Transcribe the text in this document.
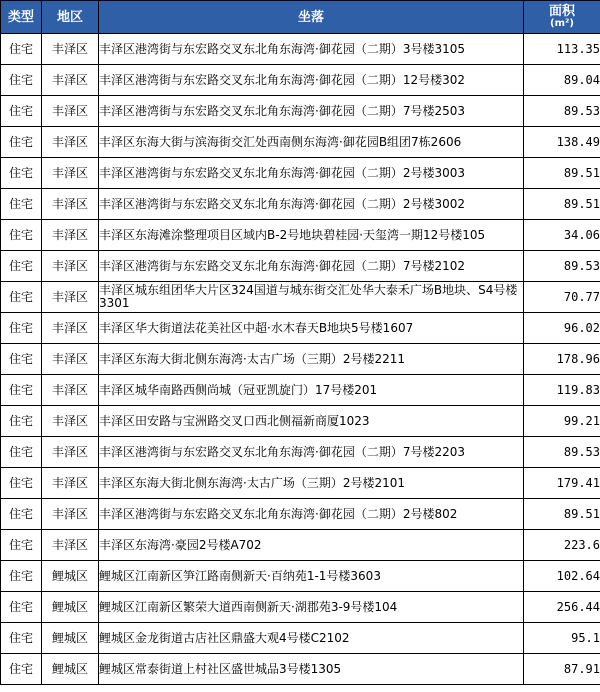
类型	地区	坐落	面积
(m²)

住宅	丰泽区	丰泽区港湾街与东宏路交叉东北角东海湾·御花园（二期）3号楼3105	113.35
住宅	丰泽区	丰泽区港湾街与东宏路交叉东北角东海湾·御花园（二期）12号楼302	89.04
住宅	丰泽区	丰泽区港湾街与东宏路交叉东北角东海湾·御花园（二期）7号楼2503	89.53
住宅	丰泽区	丰泽区东海大街与滨海街交汇处西南侧东海湾·御花园B组团7栋2606	138.49
住宅	丰泽区	丰泽区港湾街与东宏路交叉东北角东海湾·御花园（二期）2号楼3003	89.51
住宅	丰泽区	丰泽区港湾街与东宏路交叉东北角东海湾·御花园（二期）2号楼3002	89.51
住宅	丰泽区	丰泽区东海滩涂整理项目区域内B-2号地块碧桂园·天玺湾一期12号楼105	34.06
住宅	丰泽区	丰泽区港湾街与东宏路交叉东北角东海湾·御花园（二期）7号楼2102	89.53
住宅	丰泽区	丰泽区城东组团华大片区324国道与城东街交汇处华大泰禾广场B地块、S4号楼3301	70.77
住宅	丰泽区	丰泽区华大街道法花美社区中超·水木春天B地块5号楼1607	96.02
住宅	丰泽区	丰泽区东海大街北侧东海湾·太古广场（三期）2号楼2211	178.96
住宅	丰泽区	丰泽区城华南路西侧尚城（冠亚凯旋门）17号楼201	119.83
住宅	丰泽区	丰泽区田安路与宝洲路交叉口西北侧福新商厦1023	99.21
住宅	丰泽区	丰泽区港湾街与东宏路交叉东北角东海湾·御花园（二期）7号楼2203	89.53
住宅	丰泽区	丰泽区东海大街北侧东海湾·太古广场（三期）2号楼2101	179.41
住宅	丰泽区	丰泽区港湾街与东宏路交叉东北角东海湾·御花园（二期）2号楼802	89.51
住宅	丰泽区	丰泽区东海湾·豪园2号楼A702	223.6
住宅	鲤城区	鲤城区江南新区笋江路南侧新天·百纳苑1-1号楼3603	102.64
住宅	鲤城区	鲤城区江南新区繁荣大道西南侧新天·湖郡苑3-9号楼104	256.44
住宅	鲤城区	鲤城区金龙街道古店社区鼎盛大观4号楼C2102	95.1
住宅	鲤城区	鲤城区常泰街道上村社区盛世城品3号楼1305	87.91
